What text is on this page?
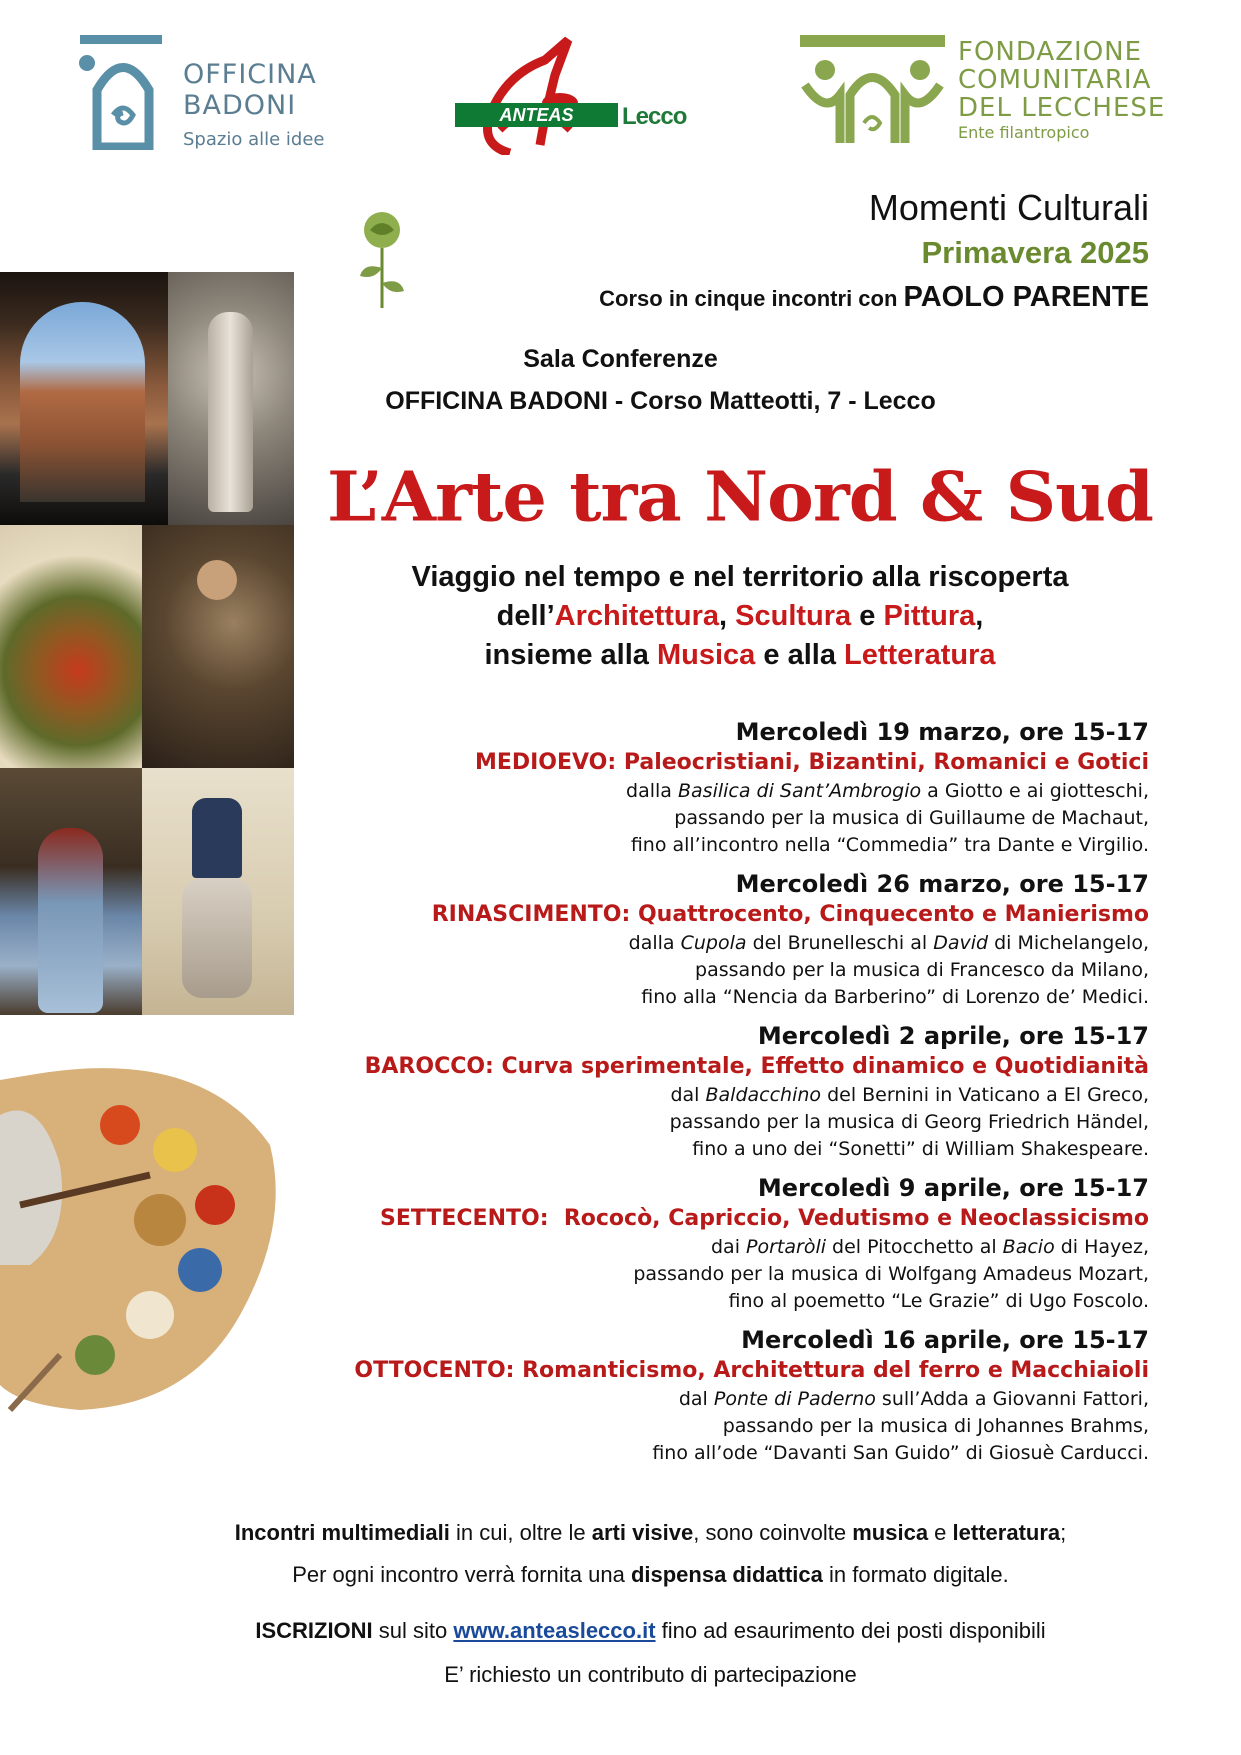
OFFICINA
BADONI
Spazio alle idee
ANTEAS	Lecco
FONDAZIONE
COMUNITARIA
DEL LECCHESE
Ente filantropico
Momenti Culturali
Primavera 2025
Corso in cinque incontri con PAOLO PARENTE
Sala Conferenze
OFFICINA BADONI - Corso Matteotti, 7 - Lecco
L’Arte tra Nord & Sud
Viaggio nel tempo e nel territorio alla riscoperta
dell’Architettura, Scultura e Pittura,
insieme alla Musica e alla Letteratura
Mercoledì 19 marzo, ore 15-17
MEDIOEVO: Paleocristiani, Bizantini, Romanici e Gotici
dalla Basilica di Sant’Ambrogio a Giotto e ai giotteschi,
passando per la musica di Guillaume de Machaut,
fino all’incontro nella “Commedia” tra Dante e Virgilio.
Mercoledì 26 marzo, ore 15-17
RINASCIMENTO: Quattrocento, Cinquecento e Manierismo
dalla Cupola del Brunelleschi al David di Michelangelo,
passando per la musica di Francesco da Milano,
fino alla “Nencia da Barberino” di Lorenzo de’ Medici.
Mercoledì 2 aprile, ore 15-17
BAROCCO: Curva sperimentale, Effetto dinamico e Quotidianità
dal Baldacchino del Bernini in Vaticano a El Greco,
passando per la musica di Georg Friedrich Händel,
fino a uno dei “Sonetti” di William Shakespeare.
Mercoledì 9 aprile, ore 15-17
SETTECENTO:  Rococò, Capriccio, Vedutismo e Neoclassicismo
dai Portaròli del Pitocchetto al Bacio di Hayez,
passando per la musica di Wolfgang Amadeus Mozart,
fino al poemetto “Le Grazie” di Ugo Foscolo.
Mercoledì 16 aprile, ore 15-17
OTTOCENTO: Romanticismo, Architettura del ferro e Macchiaioli
dal Ponte di Paderno sull’Adda a Giovanni Fattori,
passando per la musica di Johannes Brahms,
fino all’ode “Davanti San Guido” di Giosuè Carducci.
Incontri multimediali in cui, oltre le arti visive, sono coinvolte musica e letteratura;
Per ogni incontro verrà fornita una dispensa didattica in formato digitale.
ISCRIZIONI sul sito www.anteaslecco.it fino ad esaurimento dei posti disponibili
E’ richiesto un contributo di partecipazione
